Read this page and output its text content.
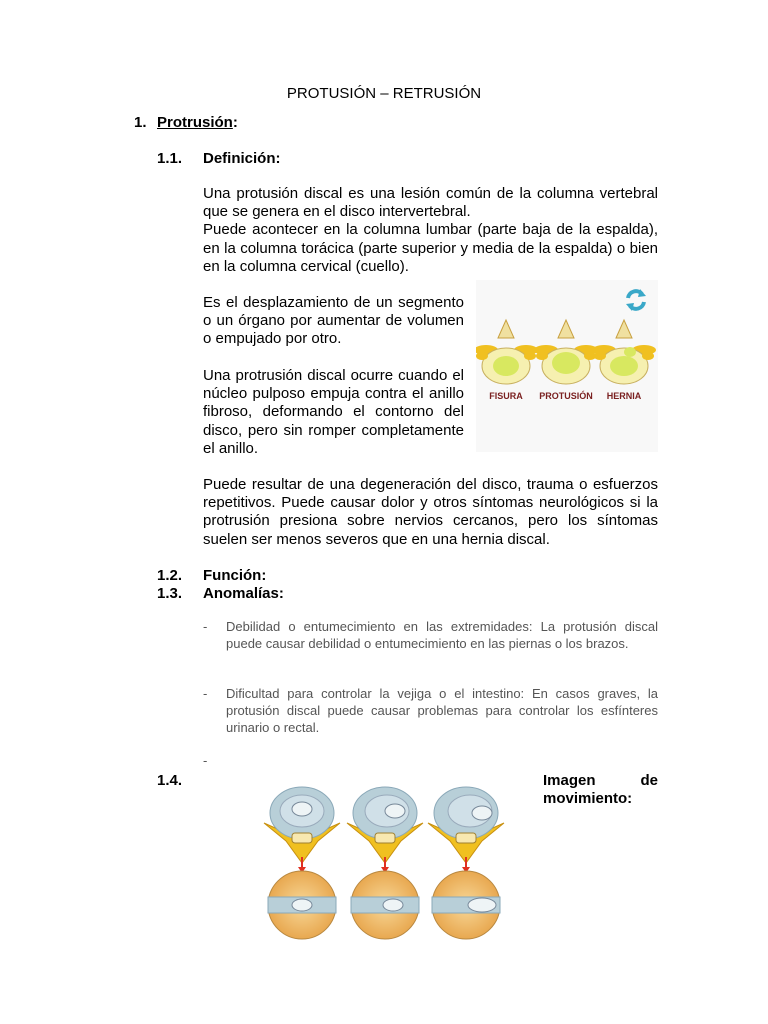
PROTUSIÓN – RETRUSIÓN
1. Protrusión:
1.1. Definición:

Una protusión discal es una lesión común de la columna vertebral que se genera en el disco intervertebral.

Puede acontecer en la columna lumbar (parte baja de la espalda), en la columna torácica (parte superior y media de la espalda) o bien en la columna cervical (cuello).

Es el desplazamiento de un segmento o un órgano por aumentar de volumen o empujado por otro.
Una protrusión discal ocurre cuando el núcleo pulposo empuja contra el anillo fibroso, deformando el contorno del disco, pero sin romper completamente el anillo.
FISURA PROTUSIÓN HERNIA
Puede resultar de una degeneración del disco, trauma o esfuerzos repetitivos. Puede causar dolor y otros síntomas neurológicos si la protrusión presiona sobre nervios cercanos, pero los síntomas suelen ser menos severos que en una hernia discal.
1.2. Función:
1.3. Anomalías:
- Debilidad o entumecimiento en las extremidades: La protusión discal puede causar debilidad o entumecimiento en las piernas o los brazos.
- Dificultad para controlar la vejiga o el intestino: En casos graves, la protusión discal puede causar problemas para controlar los esfínteres urinario o rectal.
-
1.4.	Imagen de
movimiento:
